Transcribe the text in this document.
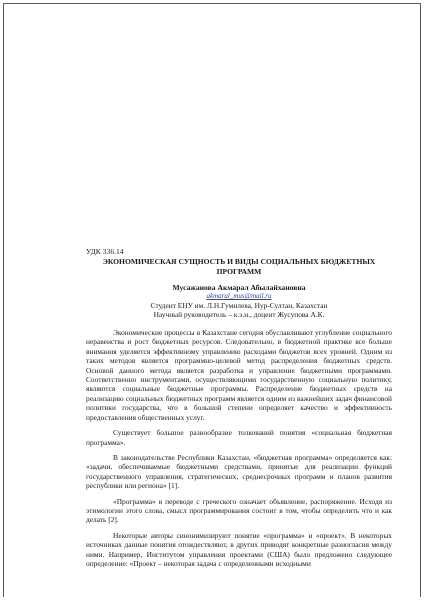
УДК 336.14
ЭКОНОМИЧЕСКАЯ СУЩНОСТЬ И ВИДЫ СОЦИАЛЬНЫХ БЮДЖЕТНЫХ ПРОГРАММ
Мусажанова Акмарал Абылайхановна
akmaral_mus@mail.ru
Студент ЕНУ им. Л.Н.Гумилева, Нур-Султан, Казахстан
Научный руководитель – к.э.н., доцент Жусупова А.К.

Экономические процессы в Казахстане сегодня обуславливают углубление социального неравенства и рост бюджетных ресурсов. Следовательно, в бюджетной практике все больше внимания уделяется эффективному управлению расходами бюджетов всех уровней. Одним из таких методов является программно-целевой метод распределения бюджетных средств. Основой данного метода является разработка и управление бюджетными программами. Соответственно инструментами, осуществляющими государственную социальную политику, являются социальные бюджетные программы. Распределение бюджетных средств на реализацию социальных бюджетных программ является одним из важнейших задач финансовой политики государства, что в большой степени определяет качество и эффективность предоставления общественных услуг.

Существует большое разнообразие толкований понятия «социальная бюджетная программа».

В законодательстве Республики Казахстан, «бюджетная программа» определяется как: «задачи, обеспечиваемые бюджетными средствами, принятые для реализации функций государственного управления, стратегических, среднесрочных программ и планов развития республики или региона» [1].

«Программа» в переводе с греческого означает объявление, распоряжение. Исходя из этимологии этого слова, смысл программирования состоит в том, чтобы определить что и как делать [2].

Некоторые авторы синонимизируют понятие «программа» и «проект». В некоторых источниках данные понятия отождествляют, в других приводят конкретные разногласия между ними. Например, Институтом управления проектами (США) было предложено следующее определение: «Проект – некоторая задача с определенными исходными
